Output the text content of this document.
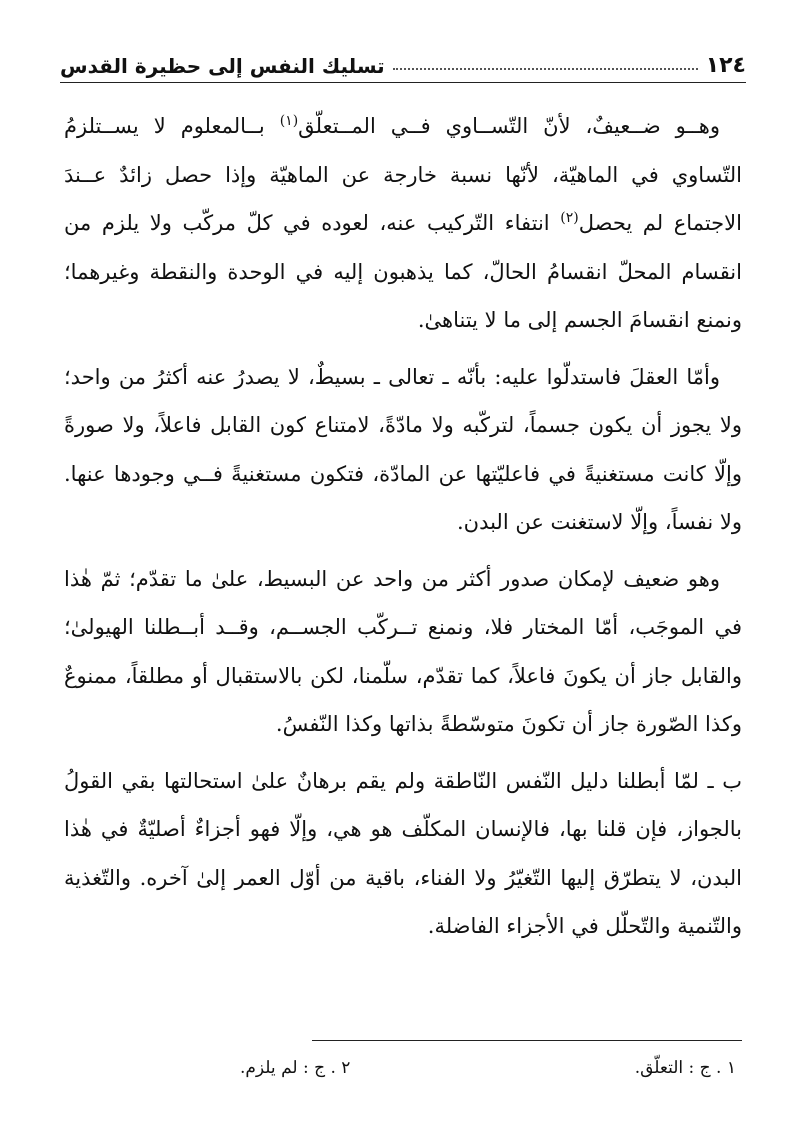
١٢٤
تسليك النفس إلى حظيرة القدس

وهــو ضــعيفٌ، لأنّ التّســاوي فــي المــتعلّق$^{(١)}$ بــالمعلوم لا يســتلزمُ التّساوي في الماهيّة، لأنّها نسبة خارجة عن الماهيّة وإذا حصل زائدٌ عــندَ الاجتماع لم يحصل$^{(٢)}$ انتفاء التّركيب عنه، لعوده في كلّ مركّب ولا يلزم من انقسام المحلّ انقسامُ الحالّ، كما يذهبون إليه في الوحدة والنقطة وغيرهما؛ ونمنع انقسامَ الجسم إلى ما لا يتناهىٰ.

وأمّا العقلَ فاستدلّوا عليه: بأنّه ـ تعالى ـ بسيطٌ، لا يصدرُ عنه أكثرُ من واحد؛ ولا يجوز أن يكون جسماً، لتركّبه ولا مادّةً، لامتناع كون القابل فاعلاً، ولا صورةً وإلّا كانت مستغنيةً في فاعليّتها عن المادّة، فتكون مستغنيةً فــي وجودها عنها. ولا نفساً، وإلّا لاستغنت عن البدن.

وهو ضعيف لإمكان صدور أكثر من واحد عن البسيط، علىٰ ما تقدّم؛ ثمّ هٰذا في الموجَب، أمّا المختار فلا، ونمنع تــركّب الجســم، وقــد أبــطلنا الهيولىٰ؛ والقابل جاز أن يكونَ فاعلاً، كما تقدّم، سلّمنا، لكن بالاستقبال أو مطلقاً، ممنوعٌ وكذا الصّورة جاز أن تكونَ متوسّطةً بذاتها وكذا النّفسُ.

ب ـ لمّا أبطلنا دليل النّفس النّاطقة ولم يقم برهانٌ علىٰ استحالتها بقي القولُ بالجواز، فإن قلنا بها، فالإنسان المكلّف هو هي، وإلّا فهو أجزاءٌ أصليّةٌ في هٰذا البدن، لا يتطرّق إليها التّغيّرُ ولا الفناء، باقية من أوّل العمر إلىٰ آخره. والتّغذية والتّنمية والتّحلّل في الأجزاء الفاضلة.

١ . ج : التعلّق.
٢ . ج : لم يلزم.
